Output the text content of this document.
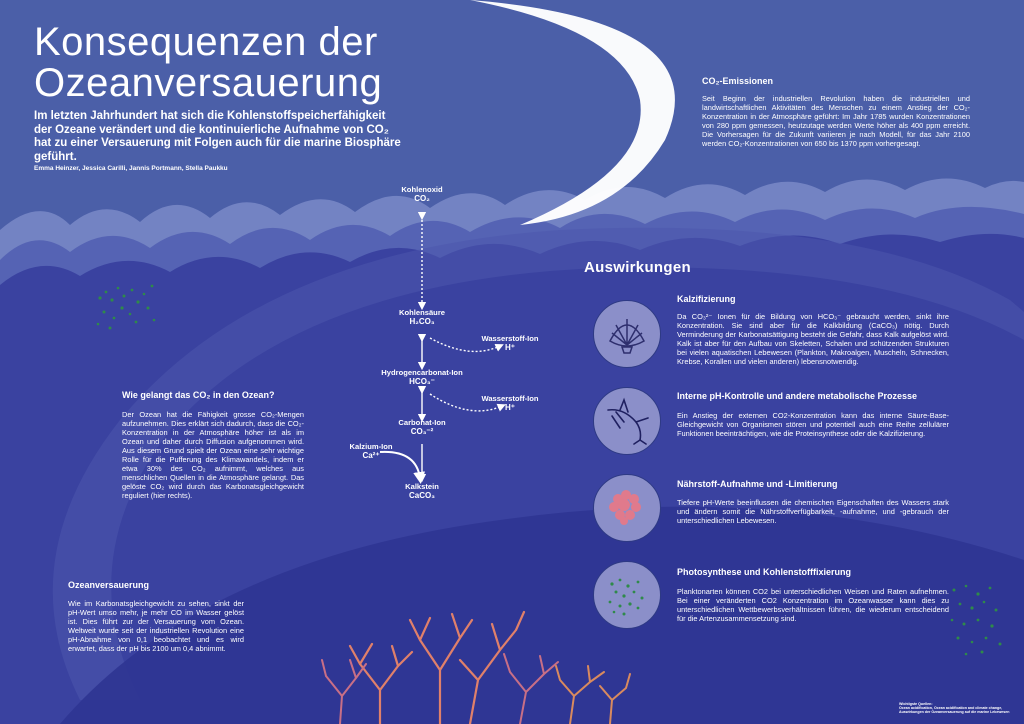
Konsequenzen der
Ozeanversauerung
Im letzten Jahrhundert hat sich die Kohlenstoffspeicherfähigkeit der Ozeane verändert und die kontinuierliche Aufnahme von CO₂ hat zu einer Versauerung mit Folgen auch für die marine Biosphäre geführt.
Emma Heinzer, Jessica Carilli, Jannis Portmann, Stella Paukku
CO₂-Emissionen
Seit Beginn der industriellen Revolution haben die industriellen und landwirtschaftlichen Aktivitäten des Menschen zu einem Anstieg der CO₂-Konzentration in der Atmosphäre geführt: Im Jahr 1785 wurden Konzentrationen von 280 ppm gemessen, heutzutage werden Werte höher als 400 ppm erreicht. Die Vorhersagen für die Zukunft variieren je nach Modell, für das Jahr 2100 werden CO₂-Konzentrationen von 650 bis 1370 ppm vorhergesagt.
Kohlenoxid
CO₂
Kohlensäure
H₂CO₃
Wasserstoff-Ion
H⁺
Hydrogencarbonat-Ion
HCO₃⁻
Wasserstoff-Ion
H⁺
Carbonat-Ion
CO₃⁻²
Kalzium-Ion
Ca²⁺
Kalkstein
CaCO₃
Wie gelangt das CO₂ in den Ozean?
Der Ozean hat die Fähigkeit grosse CO₂-Mengen aufzunehmen. Dies erklärt sich dadurch, dass die CO₂-Konzentration in der Atmosphäre höher ist als im Ozean und daher durch Diffusion aufgenommen wird. Aus diesem Grund spielt der Ozean eine sehr wichtige Rolle für die Pufferung des Klimawandels, indem er etwa 30% des CO₂ aufnimmt, welches aus menschlichen Quellen in die Atmosphäre gelangt. Das gelöste CO₂ wird durch das Karbonatsgleichgewicht reguliert (hier rechts).
Ozeanversauerung
Wie im Karbonatsgleichgewicht zu sehen, sinkt der pH-Wert umso mehr, je mehr CO im Wasser gelöst ist. Dies führt zur der Versauerung vom Ozean. Weltweit wurde seit der industriellen Revolution eine pH-Abnahme von 0,1 beobachtet und es wird erwartet, dass der pH bis 2100 um 0,4 abnimmt.
Auswirkungen
Kalzifizierung
Da CO₃²⁻ Ionen für die Bildung von HCO₃⁻ gebraucht werden, sinkt ihre Konzentration. Sie sind aber für die Kalkbildung (CaCO₃) nötig. Durch Verminderung der Karbonatsättigung besteht die Gefahr, dass Kalk aufgelöst wird. Kalk ist aber für den Aufbau von Skeletten, Schalen und schützenden Strukturen bei vielen aquatischen Lebewesen (Plankton, Makroalgen, Muscheln, Schnecken, Krebse, Korallen und vielen anderen) lebensnotwendig.
Interne pH-Kontrolle und andere metabolische Prozesse
Ein Anstieg der externen CO2-Konzentration kann das interne Säure-Base-Gleichgewicht von Organismen stören und potentiell auch eine Reihe zellulärer Funktionen beeinträchtigen, wie die Proteinsynthese oder die Kalzifizierung.
Nährstoff-Aufnahme und -Limitierung
Tiefere pH-Werte beeinflussen die chemischen Eigenschaften des Wassers stark und ändern somit die Nährstoffverfügbarkeit, -aufnahme, und -gebrauch der unterschiedlichen Lebewesen.
Photosynthese und Kohlenstofffixierung
Planktonarten können CO2 bei unterschiedlichen Weisen und Raten aufnehmen. Bei einer veränderten CO2 Konzentration im Ozeanwasser kann dies zu unterschiedlichen Wettbewerbsverhältnissen führen, die wiederum entscheidend für die Artenzusammensetzung sind.
Wichtigste Quellen:
Ocean acidification, Ocean acidification and climate change, Auswirkungen der Ozeanversauerung auf die marine Lebewesen
